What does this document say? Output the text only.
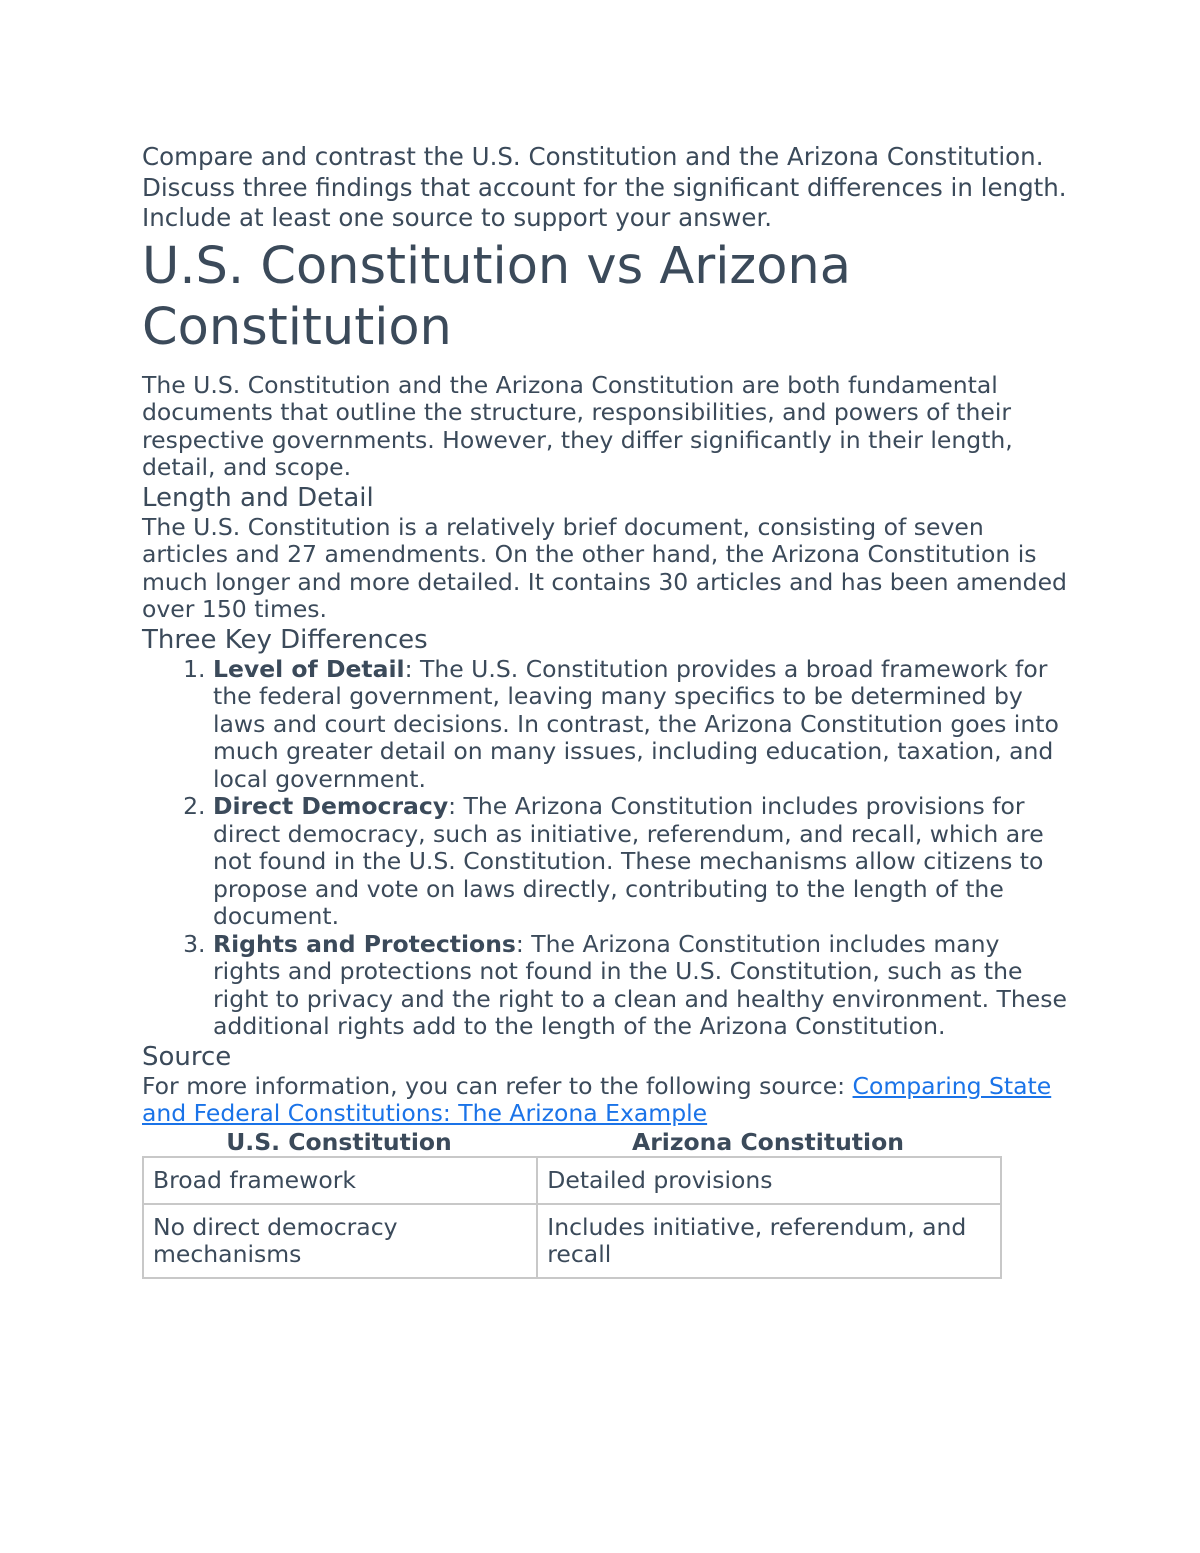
Compare and contrast the U.S. Constitution and the Arizona Constitution. Discuss three findings that account for the significant differences in length. Include at least one source to support your answer.

U.S. Constitution vs Arizona Constitution

The U.S. Constitution and the Arizona Constitution are both fundamental documents that outline the structure, responsibilities, and powers of their respective governments. However, they differ significantly in their length, detail, and scope.

Length and Detail

The U.S. Constitution is a relatively brief document, consisting of seven articles and 27 amendments. On the other hand, the Arizona Constitution is much longer and more detailed. It contains 30 articles and has been amended over 150 times.

Three Key Differences
1. Level of Detail: The U.S. Constitution provides a broad framework for the federal government, leaving many specifics to be determined by laws and court decisions. In contrast, the Arizona Constitution goes into much greater detail on many issues, including education, taxation, and local government.
2. Direct Democracy: The Arizona Constitution includes provisions for direct democracy, such as initiative, referendum, and recall, which are not found in the U.S. Constitution. These mechanisms allow citizens to propose and vote on laws directly, contributing to the length of the document.
3. Rights and Protections: The Arizona Constitution includes many rights and protections not found in the U.S. Constitution, such as the right to privacy and the right to a clean and healthy environment. These additional rights add to the length of the Arizona Constitution.
Source

For more information, you can refer to the following source: Comparing State and Federal Constitutions: The Arizona Example

U.S. Constitution	Arizona Constitution
Broad framework	Detailed provisions
No direct democracy mechanisms	Includes initiative, referendum, and recall
